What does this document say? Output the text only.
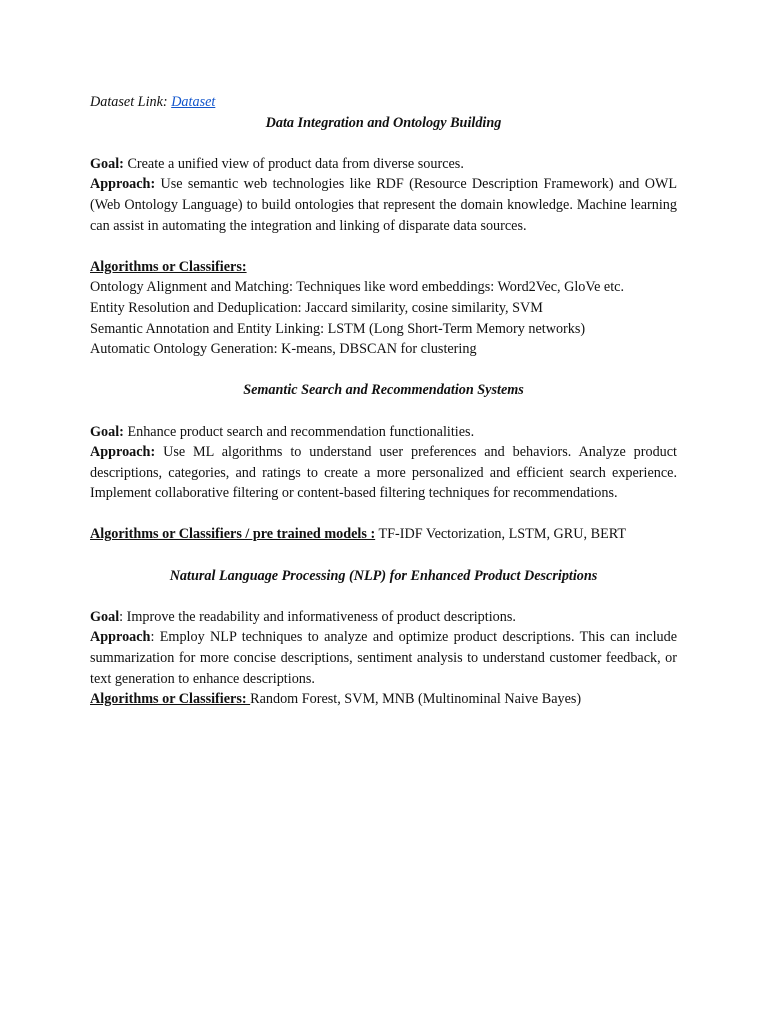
Dataset Link: Dataset

Data Integration and Ontology Building

Goal: Create a unified view of product data from diverse sources.

Approach: Use semantic web technologies like RDF (Resource Description Framework) and OWL (Web Ontology Language) to build ontologies that represent the domain knowledge. Machine learning can assist in automating the integration and linking of disparate data sources.

Algorithms or Classifiers:

Ontology Alignment and Matching: Techniques like word embeddings: Word2Vec, GloVe etc.

Entity Resolution and Deduplication: Jaccard similarity, cosine similarity, SVM

Semantic Annotation and Entity Linking: LSTM (Long Short-Term Memory networks)

Automatic Ontology Generation: K-means, DBSCAN for clustering

Semantic Search and Recommendation Systems

Goal: Enhance product search and recommendation functionalities.

Approach: Use ML algorithms to understand user preferences and behaviors. Analyze product descriptions, categories, and ratings to create a more personalized and efficient search experience. Implement collaborative filtering or content-based filtering techniques for recommendations.

Algorithms or Classifiers / pre trained models : TF-IDF Vectorization, LSTM, GRU, BERT

Natural Language Processing (NLP) for Enhanced Product Descriptions

Goal: Improve the readability and informativeness of product descriptions.

Approach: Employ NLP techniques to analyze and optimize product descriptions. This can include summarization for more concise descriptions, sentiment analysis to understand customer feedback, or text generation to enhance descriptions.

Algorithms or Classifiers: Random Forest, SVM, MNB (Multinominal Naive Bayes)
